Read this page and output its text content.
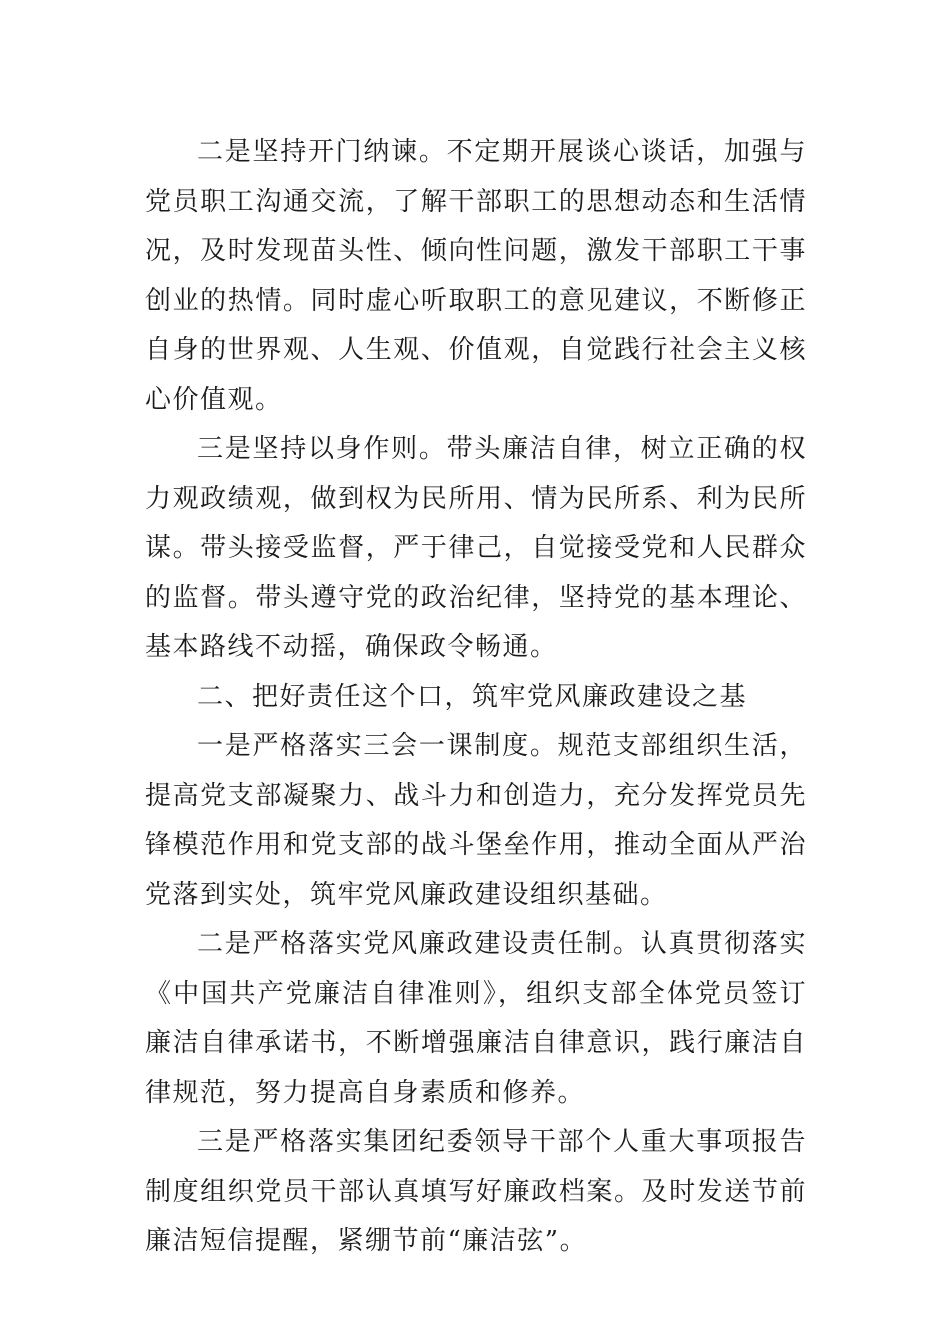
二是坚持开门纳谏。不定期开展谈心谈话，加强与党员职工沟通交流，了解干部职工的思想动态和生活情况，及时发现苗头性、倾向性问题，激发干部职工干事创业的热情。同时虚心听取职工的意见建议，不断修正自身的世界观、人生观、价值观，自觉践行社会主义核心价值观。

三是坚持以身作则。带头廉洁自律，树立正确的权力观政绩观，做到权为民所用、情为民所系、利为民所谋。带头接受监督，严于律己，自觉接受党和人民群众的监督。带头遵守党的政治纪律，坚持党的基本理论、基本路线不动摇，确保政令畅通。

二、把好责任这个口，筑牢党风廉政建设之基

一是严格落实三会一课制度。规范支部组织生活，提高党支部凝聚力、战斗力和创造力，充分发挥党员先锋模范作用和党支部的战斗堡垒作用，推动全面从严治党落到实处，筑牢党风廉政建设组织基础。

二是严格落实党风廉政建设责任制。认真贯彻落实《中国共产党廉洁自律准则》，组织支部全体党员签订廉洁自律承诺书，不断增强廉洁自律意识，践行廉洁自律规范，努力提高自身素质和修养。

三是严格落实集团纪委领导干部个人重大事项报告制度组织党员干部认真填写好廉政档案。及时发送节前廉洁短信提醒，紧绷节前“廉洁弦”。
